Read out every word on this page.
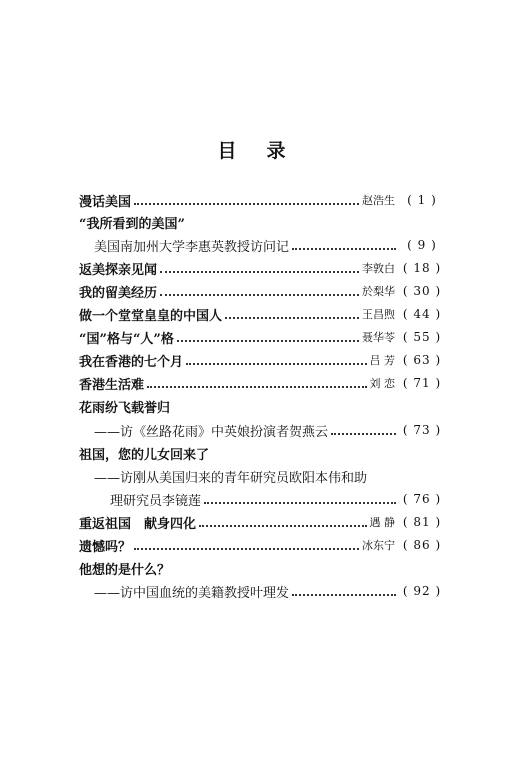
目 录
漫话美国	赵浩生	( 1 )
“我所看到的美国”
美国南加州大学李惠英教授访问记	( 9 )
返美探亲见闻	李敦白 ( 18 )
我的留美经历	於梨华 ( 30 )
做一个堂堂皇皇的中国人	王昌煦 ( 44 )
“国”格与“人”格	聂华苓 ( 55 )
我在香港的七个月	吕 芳 ( 63 )
香港生活难	刘 恋 ( 71 )
花雨纷飞载誉归
——访《丝路花雨》中英娘扮演者贺燕云	( 73 )
祖国，您的儿女回来了
——访刚从美国归来的青年研究员欧阳本伟和助
理研究员李镜莲	( 76 )
重返祖国　献身四化	遇 静 ( 81 )
遗憾吗？	冰东宁 ( 86 )
他想的是什么？
——访中国血统的美籍教授叶理发	( 92 )
